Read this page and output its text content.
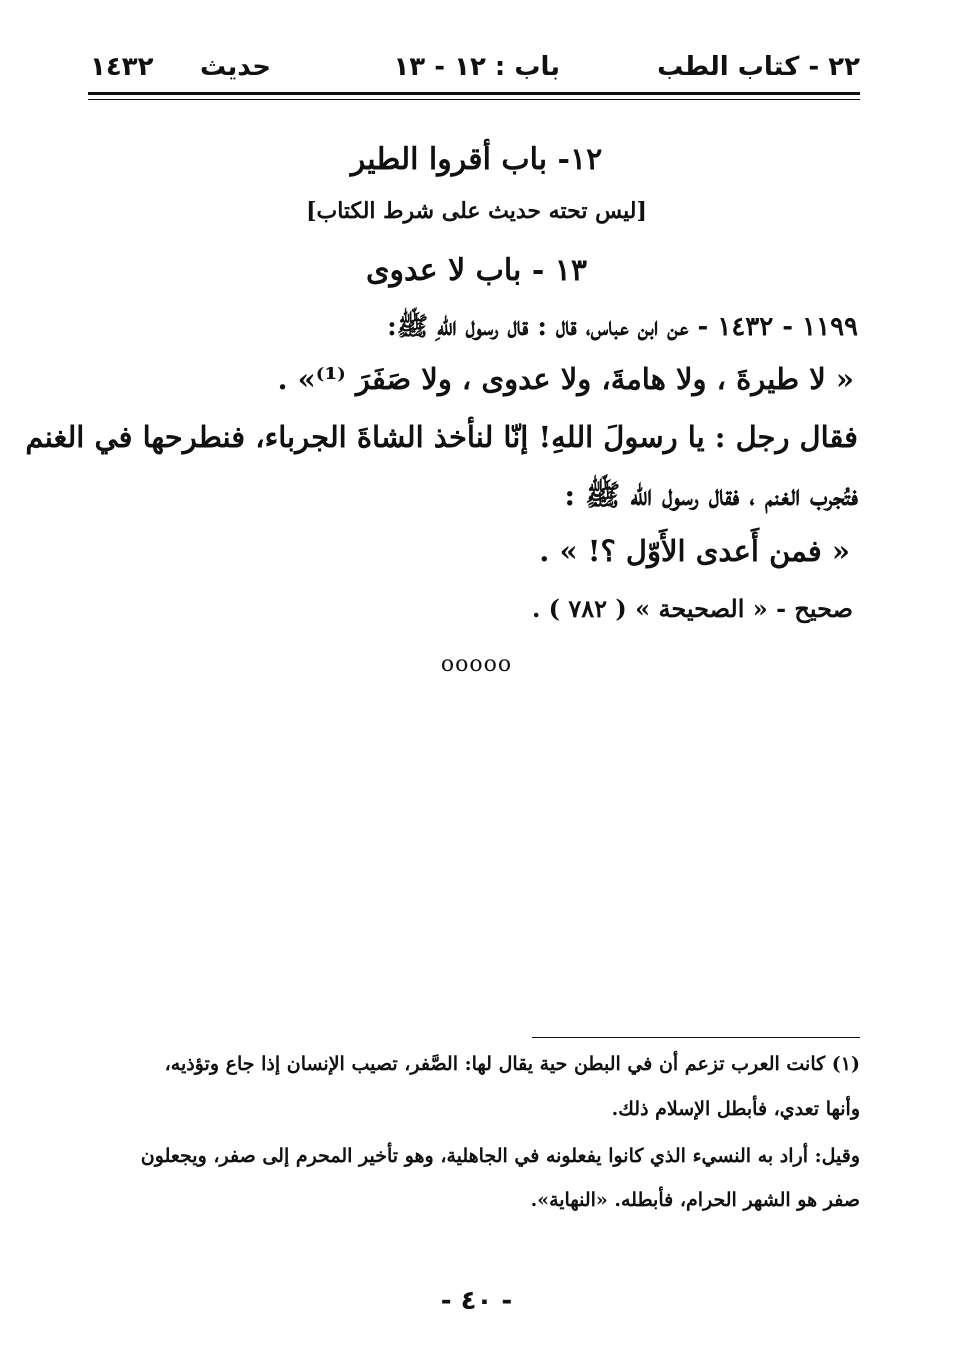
٢٢ - كتاب الطب
باب : ١٢ - ١٣
حديث
١٤٣٢
١٢- باب أقروا الطير
[ليس تحته حديث على شرط الكتاب]
١٣ - باب لا عدوى
١١٩٩ - ١٤٣٢ - عن ابن عباس، قال : قال رسول اللهِ ﷺ:
« لا طيرةَ ، ولا هامةَ، ولا عدوى ، ولا صَفَرَ ⁽¹⁾» .
فقال رجل : يا رسولَ اللهِ! إنّا لنأخذ الشاةَ الجرباء، فنطرحها في الغنم
فتُجرب الغنم ، فقال رسول الله ﷺ :
« فمن أَعدى الأَوّل ؟! » .
صحيح - « الصحيحة » ( ٧٨٢ ) .
ooooo
(١) كانت العرب تزعم أن في البطن حية يقال لها: الصَّفر، تصيب الإنسان إذا جاع وتؤذيه،
وأنها تعدي، فأبطل الإسلام ذلك.
وقيل: أراد به النسيء الذي كانوا يفعلونه في الجاهلية، وهو تأخير المحرم إلى صفر، ويجعلون
صفر هو الشهر الحرام، فأبطله. «النهاية».
- ٤٠ -
